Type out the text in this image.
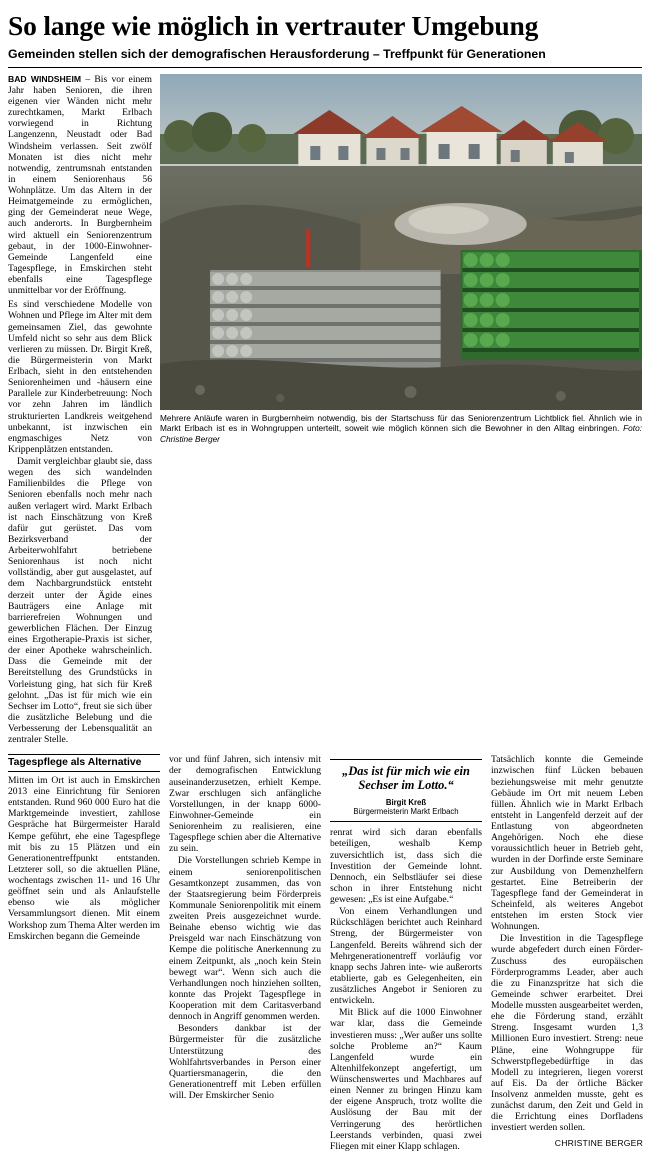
So lange wie möglich in vertrauter Umgebung
Gemeinden stellen sich der demografischen Herausforderung – Treffpunkt für Generationen

BAD WINDSHEIM – Bis vor einem Jahr haben Senioren, die ihren eigenen vier Wänden nicht mehr zurechtkamen, Markt Erlbach vorwiegend in Richtung Langenzenn, Neustadt oder Bad Windsheim verlassen. Seit zwölf Monaten ist dies nicht mehr notwendig, zentrumsnah entstanden in einem Seniorenhaus 56 Wohnplätze. Um das Altern in der Heimatgemeinde zu ermöglichen, ging der Gemeinderat neue Wege, auch anderorts. In Burgbernheim wird aktuell ein Seniorenzentrum gebaut, in der 1000-Einwohner-Gemeinde Langenfeld eine Tagespflege, in Emskirchen steht ebenfalls eine Tagespflege unmittelbar vor der Eröffnung.

Es sind verschiedene Modelle von Wohnen und Pflege im Alter mit dem gemeinsamen Ziel, das gewohnte Umfeld nicht so sehr aus dem Blick verlieren zu müssen. Dr. Birgit Kreß, die Bürgermeisterin von Markt Erlbach, sieht in den entstehenden Seniorenheimen und -häusern eine Parallele zur Kinderbetreuung: Noch vor zehn Jahren im ländlich strukturierten Landkreis weitgehend unbekannt, ist inzwischen ein engmaschiges Netz von Krippenplätzen entstanden.

Damit vergleichbar glaubt sie, dass wegen des sich wandelnden Familienbildes die Pflege von Senioren ebenfalls noch mehr nach außen verlagert wird. Markt Erlbach ist nach Einschätzung von Kreß dafür gut gerüstet. Das vom Bezirksverband der Arbeiterwohlfahrt betriebene Seniorenhaus ist noch nicht vollständig, aber gut ausgelastet, auf dem Nachbargrundstück entsteht derzeit unter der Ägide eines Bauträgers eine Anlage mit barrierefreien Wohnungen und gewerblichen Flächen. Der Einzug eines Ergotherapie-Praxis ist sicher, der einer Apotheke wahrscheinlich. Dass die Gemeinde mit der Bereitstellung des Grundstücks in Vorleistung ging, hat sich für Kreß gelohnt. „Das ist für mich wie ein Sechser im Lotto“, freut sie sich über die zusätzliche Belebung und die Verbesserung der Lebensqualität an zentraler Stelle.

Mehrere Anläufe waren in Burgbernheim notwendig, bis der Startschuss für das Seniorenzentrum Lichtblick fiel. Ähnlich wie in Markt Erlbach ist es in Wohngruppen unterteilt, soweit wie möglich können sich die Bewohner in den Alltag einbringen. Foto: Christine Berger
Tagespflege als Alternative

Mitten im Ort ist auch in Emskirchen 2013 eine Einrichtung für Senioren entstanden. Rund 960 000 Euro hat die Marktgemeinde investiert, zahllose Gespräche hat Bürgermeister Harald Kempe geführt, ehe eine Tagespflege mit bis zu 15 Plätzen und ein Generationentreffpunkt entstanden. Letzterer soll, so die aktuellen Pläne, wochentags zwischen 11- und 16 Uhr geöffnet sein und als Anlaufstelle ebenso wie als möglicher Versammlungsort dienen. Mit einem Workshop zum Thema Alter werden im Emskirchen begann die Gemeinde

vor und fünf Jahren, sich intensiv mit der demografischen Entwicklung auseinanderzusetzen, erhielt Kempe. Zwar erschlugen sich anfängliche Vorstellungen, in der knapp 6000-Einwohner-Gemeinde ein Seniorenheim zu realisieren, eine Tagespflege schien aber die Alternative zu sein.

Die Vorstellungen schrieb Kempe in einem seniorenpolitischen Gesamtkonzept zusammen, das von der Staatsregierung beim Förderpreis Kommunale Seniorenpolitik mit einem zweiten Preis ausgezeichnet wurde. Beinahe ebenso wichtig wie das Preisgeld war nach Einschätzung von Kempe die politische Anerkennung zu einem Zeitpunkt, als „noch kein Stein bewegt war“. Wenn sich auch die Verhandlungen noch hinziehen sollten, konnte das Projekt Tagespflege in Kooperation mit dem Caritasverband dennoch in Angriff genommen werden.

Besonders dankbar ist der Bürgermeister für die zusätzliche Unterstützung des Wohlfahrtsverbandes in Person einer Quartiersmanagerin, die den Generationentreff mit Leben erfüllen will. Der Emskircher Senio

„Das ist für mich wie ein Sechser im Lotto.“
Birgit Kreß
Bürgermeisterin Markt Erlbach

renrat wird sich daran ebenfalls beteiligen, weshalb Kemp zuversichtlich ist, dass sich die Investition der Gemeinde lohnt. Dennoch, ein Selbstläufer sei diese schon in ihrer Entstehung nicht gewesen: „Es ist eine Aufgabe.“

Von einem Verhandlungen und Rückschlägen berichtet auch Reinhard Streng, der Bürgermeister von Langenfeld. Bereits während sich der Mehrgenerationentreff vorläufig vor knapp sechs Jahren inte- wie außerorts etablierte, gab es Gelegenheiten, ein zusätzliches Angebot ir Senioren zu entwickeln.

Mit Blick auf die 1000 Einwohner war klar, dass die Gemeinde investieren muss: „Wer außer uns sollte solche Probleme an?“ Kaum Langenfeld wurde ein Altenhilfekonzept angefertigt, um Wünschenswertes und Machbares auf einen Nenner zu bringen Hinzu kam der eigene Anspruch, trotz wollte die Auslösung der Bau mit der Verringerung des herörtlichen Leerstands verbinden, quasi zwei Fliegen mit einer Klapp schlagen.

Tatsächlich konnte die Gemeinde inzwischen fünf Lücken bebauen beziehungsweise mit mehr genutzte Gebäude im Ort mit neuem Leben füllen. Ähnlich wie in Markt Erlbach entsteht in Langenfeld derzeit auf der Entlastung von abgeordneten Angehörigen. Noch ehe diese voraussichtlich heuer in Betrieb geht, wurden in der Dorfinde erste Seminare zur Ausbildung von Demenzhelfern gestartet. Eine Betreiberin der Tagespflege fand der Gemeinderat in Scheinfeld, als weiteres Angebot entstehen im ersten Stock vier Wohnungen.

Die Investition in die Tagespflege wurde abgefedert durch einen Förder-Zuschuss des europäischen Förderprogramms Leader, aber auch die zu Finanzspritze hat sich die Gemeinde schwer erarbeitet. Drei Modelle mussten ausgearbeitet werden, ehe die Förderung stand, erzählt Streng. Insgesamt wurden 1,3 Millionen Euro investiert. Streng: neue Pläne, eine Wohngruppe für Schwerstpflegebedürftige in das Modell zu integrieren, liegen vorerst auf Eis. Da der örtliche Bäcker Insolvenz anmelden musste, geht es zunächst darum, den Zeit und Geld in die Errichtung eines Dorfladens investiert werden sollen.

CHRISTINE BERGER
